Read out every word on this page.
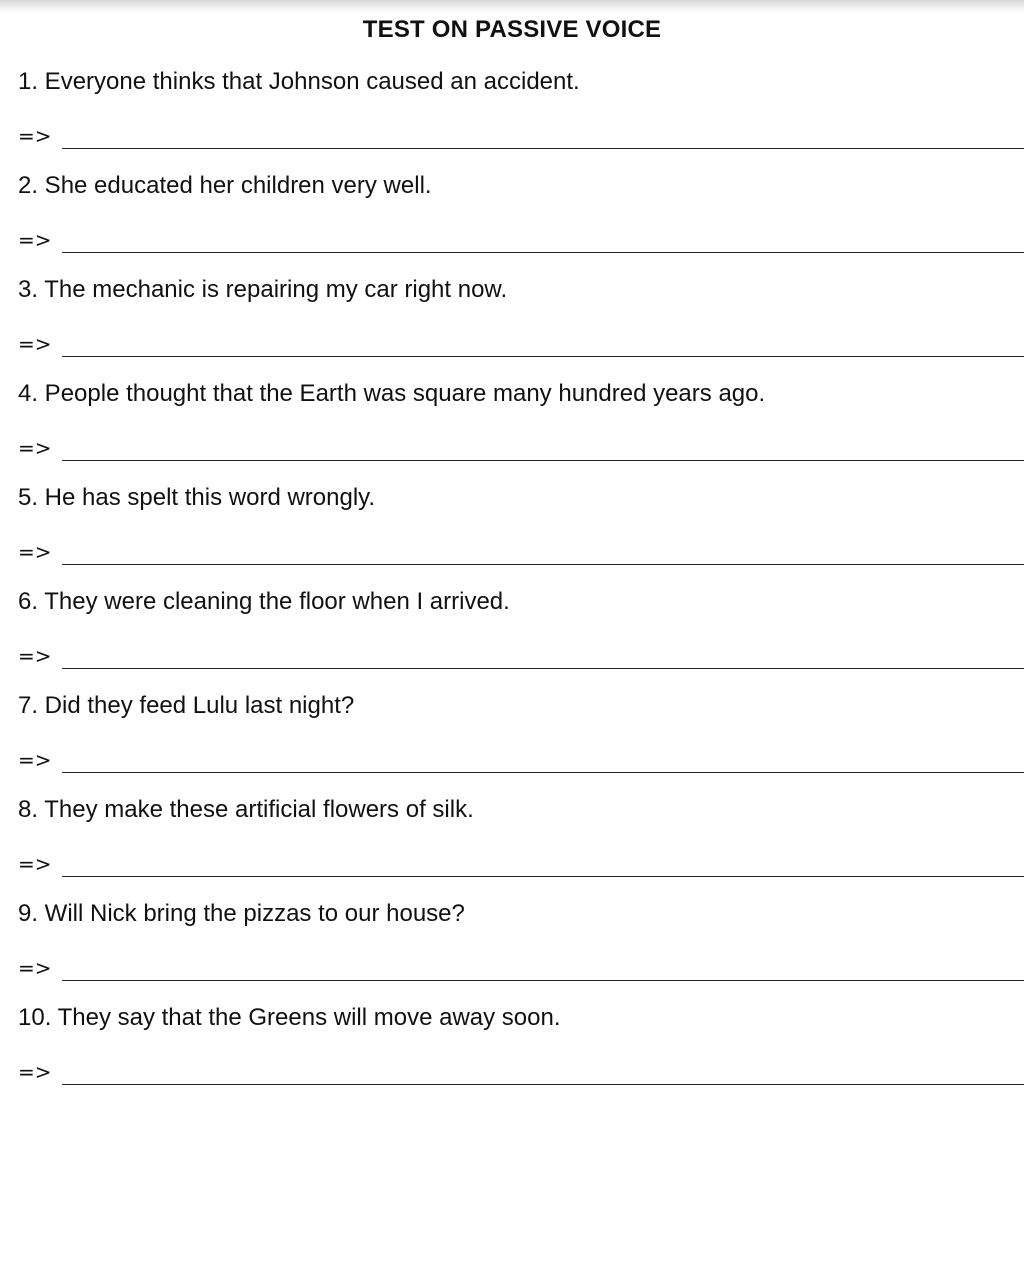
TEST ON PASSIVE VOICE
1. Everyone thinks that Johnson caused an accident.
=>
2. She educated her children very well.
=>
3. The mechanic is repairing my car right now.
=>
4. People thought that the Earth was square many hundred years ago.
=>
5. He has spelt this word wrongly.
=>
6. They were cleaning the floor when I arrived.
=>
7. Did they feed Lulu last night?
=>
8. They make these artificial flowers of silk.
=>
9. Will Nick bring the pizzas to our house?
=>
10. They say that the Greens will move away soon.
=>
